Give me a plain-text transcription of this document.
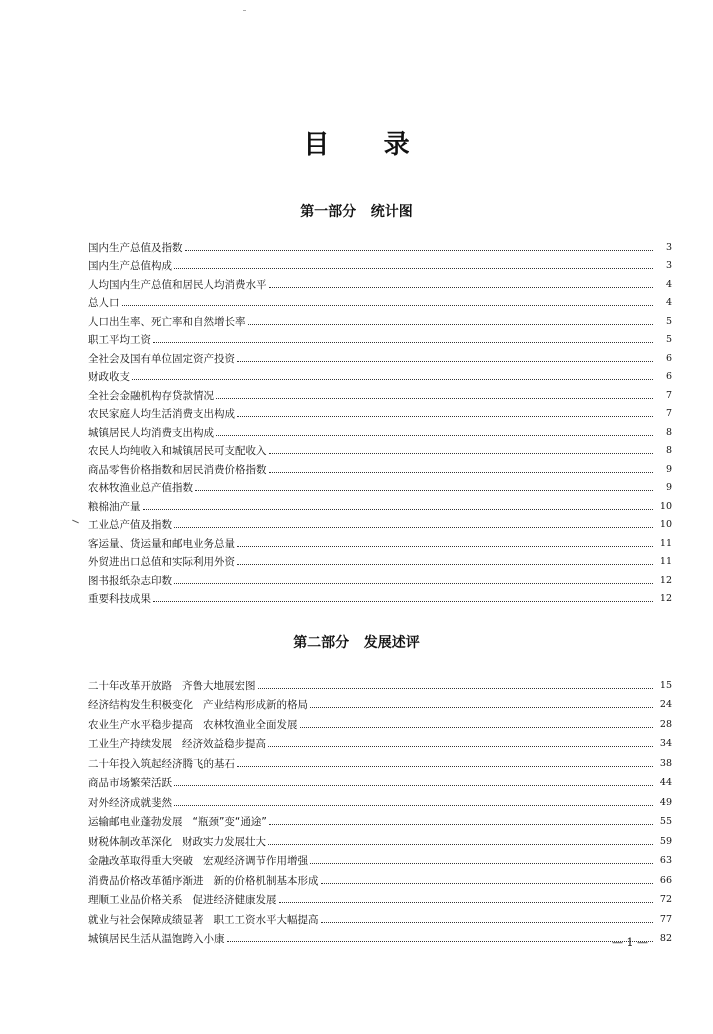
目      录
第一部分   统计图
国内生产总值及指数	3
国内生产总值构成	3
人均国内生产总值和居民人均消费水平	4
总人口	4
人口出生率、死亡率和自然增长率	5
职工平均工资	5
全社会及国有单位固定资产投资	6
财政收支	6
全社会金融机构存贷款情况	7
农民家庭人均生活消费支出构成	7
城镇居民人均消费支出构成	8
农民人均纯收入和城镇居民可支配收入	8
商品零售价格指数和居民消费价格指数	9
农林牧渔业总产值指数	9
粮棉油产量	10
工业总产值及指数	10
客运量、货运量和邮电业务总量	11
外贸进出口总值和实际利用外资	11
图书报纸杂志印数	12
重要科技成果	12
第二部分   发展述评
二十年改革开放路   齐鲁大地展宏图	15
经济结构发生积极变化   产业结构形成新的格局	24
农业生产水平稳步提高   农林牧渔业全面发展	28
工业生产持续发展   经济效益稳步提高	34
二十年投入筑起经济腾飞的基石	38
商品市场繁荣活跃	44
对外经济成就斐然	49
运输邮电业蓬勃发展   “瓶颈”变“通途”	55
财税体制改革深化   财政实力发展壮大	59
金融改革取得重大突破   宏观经济调节作用增强	63
消费品价格改革循序渐进   新的价格机制基本形成	66
理顺工业品价格关系   促进经济健康发展	72
就业与社会保障成绩显著   职工工资水平大幅提高	77
城镇居民生活从温饱跨入小康	82
— 1 —
